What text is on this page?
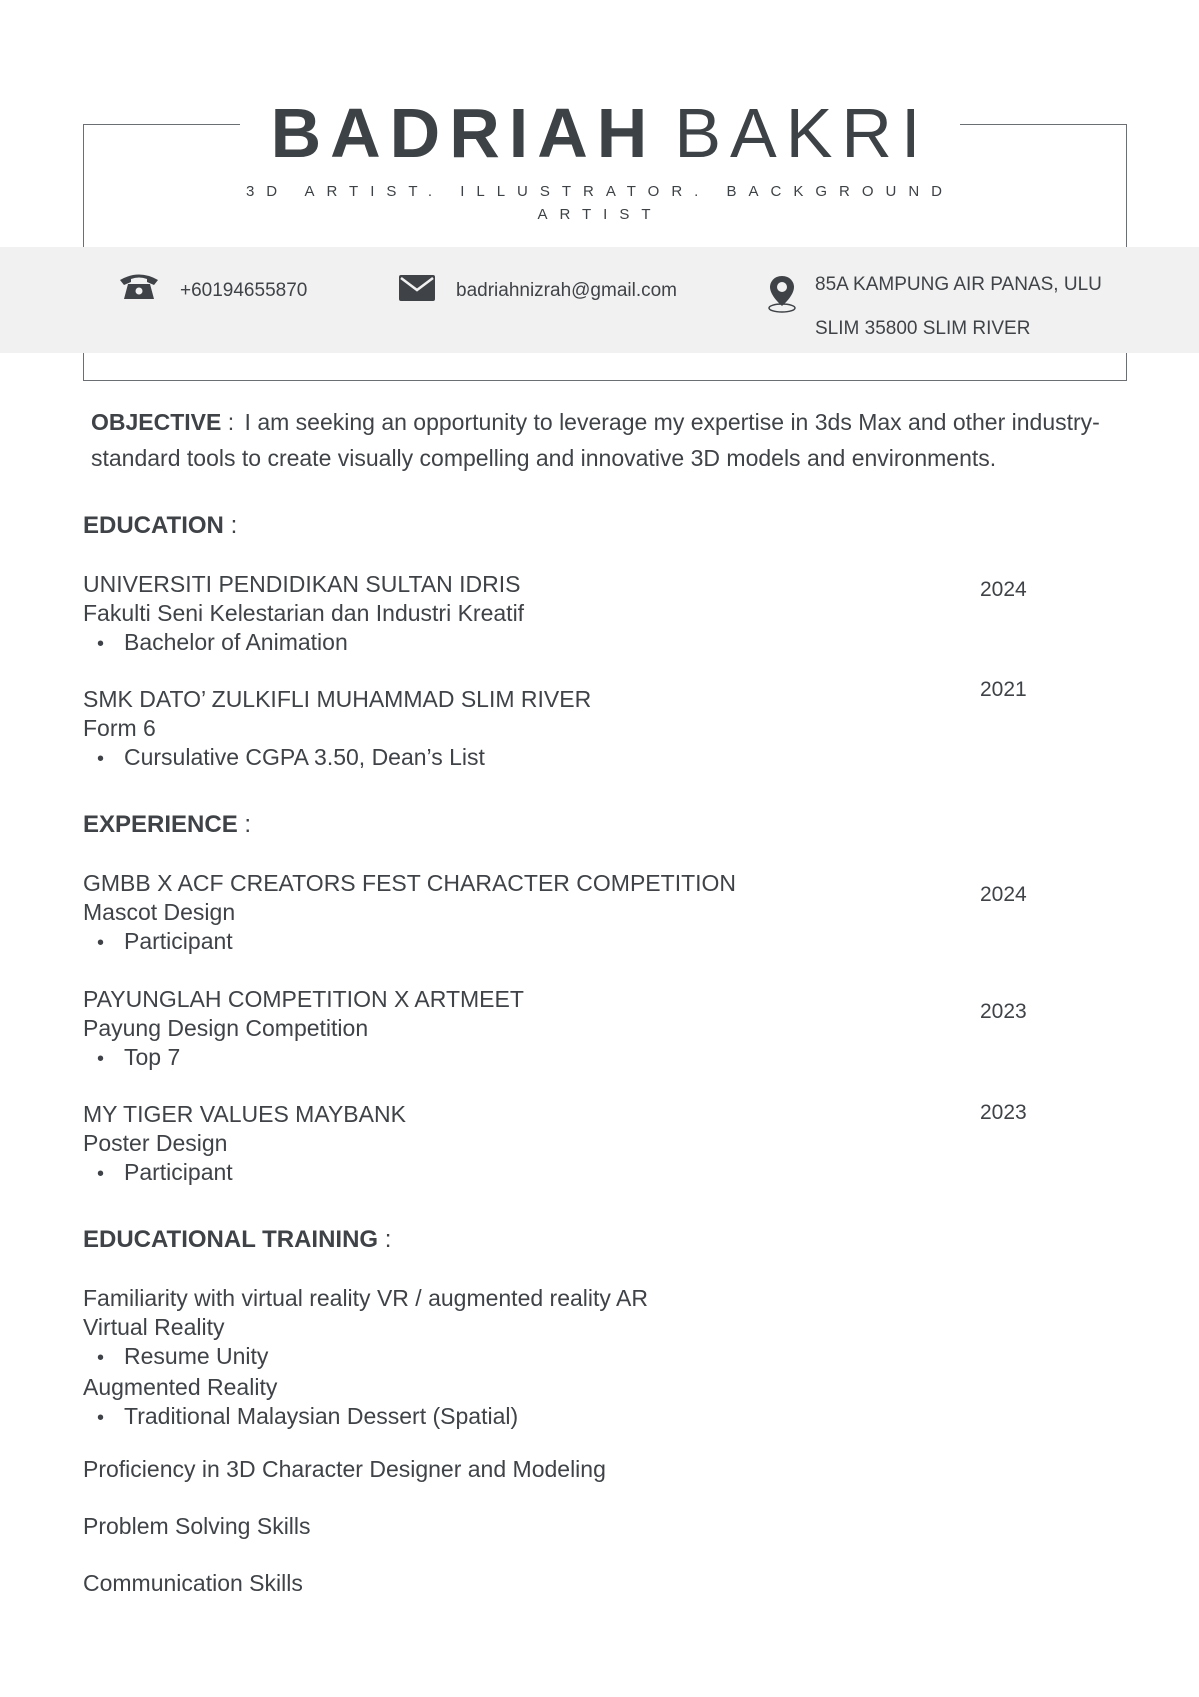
BADRIAH BAKRI
3D ARTIST. ILLUSTRATOR. BACKGROUND ARTIST
+60194655870	badriahnizrah@gmail.com	85A KAMPUNG AIR PANAS, ULU
SLIM 35800 SLIM RIVER
OBJECTIVE : I am seeking an opportunity to leverage my expertise in 3ds Max and other industry-standard tools to create visually compelling and innovative 3D models and environments.
EDUCATION :
UNIVERSITI PENDIDIKAN SULTAN IDRIS
Fakulti Seni Kelestarian dan Industri Kreatif
• Bachelor of Animation
2024
SMK DATO’ ZULKIFLI MUHAMMAD SLIM RIVER
Form 6
• Cursulative CGPA 3.50, Dean’s List
2021
EXPERIENCE :
GMBB X ACF CREATORS FEST CHARACTER COMPETITION
Mascot Design
• Participant
2024
PAYUNGLAH COMPETITION X ARTMEET
Payung Design Competition
• Top 7
2023
MY TIGER VALUES MAYBANK
Poster Design
• Participant
2023
EDUCATIONAL TRAINING :
Familiarity with virtual reality VR / augmented reality AR
Virtual Reality
• Resume Unity
Augmented Reality
• Traditional Malaysian Dessert (Spatial)
Proficiency in 3D Character Designer and Modeling
Problem Solving Skills
Communication Skills
